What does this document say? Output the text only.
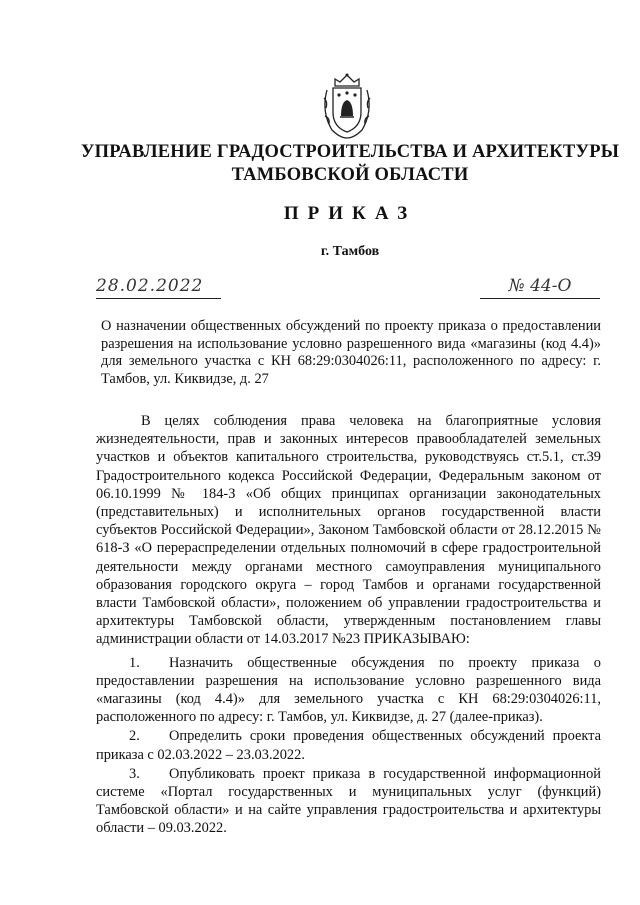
УПРАВЛЕНИЕ ГРАДОСТРОИТЕЛЬСТВА И АРХИТЕКТУРЫ
ТАМБОВСКОЙ ОБЛАСТИ
ПРИКАЗ
г. Тамбов
28.02.2022	№ 44-О
О назначении общественных обсуждений по проекту приказа о предоставлении разрешения на использование условно разрешенного вида «магазины (код 4.4)» для земельного участка с КН 68:29:0304026:11, расположенного по адресу: г. Тамбов, ул. Киквидзе, д. 27

В целях соблюдения права человека на благоприятные условия жизнедеятельности, прав и законных интересов правообладателей земельных участков и объектов капитального строительства, руководствуясь ст.5.1, ст.39 Градостроительного кодекса Российской Федерации, Федеральным законом от 06.10.1999 № 184-З «Об общих принципах организации законодательных (представительных) и исполнительных органов государственной власти субъектов Российской Федерации», Законом Тамбовской области от 28.12.2015 № 618-З «О перераспределении отдельных полномочий в сфере градостроительной деятельности между органами местного самоуправления муниципального образования городского округа – город Тамбов и органами государственной власти Тамбовской области», положением об управлении градостроительства и архитектуры Тамбовской области, утвержденным постановлением главы администрации области от 14.03.2017 №23 ПРИКАЗЫВАЮ:

1. Назначить общественные обсуждения по проекту приказа о предоставлении разрешения на использование условно разрешенного вида «магазины (код 4.4)» для земельного участка с КН 68:29:0304026:11, расположенного по адресу: г. Тамбов, ул. Киквидзе, д. 27 (далее-приказ).

2. Определить сроки проведения общественных обсуждений проекта приказа с 02.03.2022 – 23.03.2022.

3. Опубликовать проект приказа в государственной информационной системе «Портал государственных и муниципальных услуг (функций) Тамбовской области» и на сайте управления градостроительства и архитектуры области – 09.03.2022.
